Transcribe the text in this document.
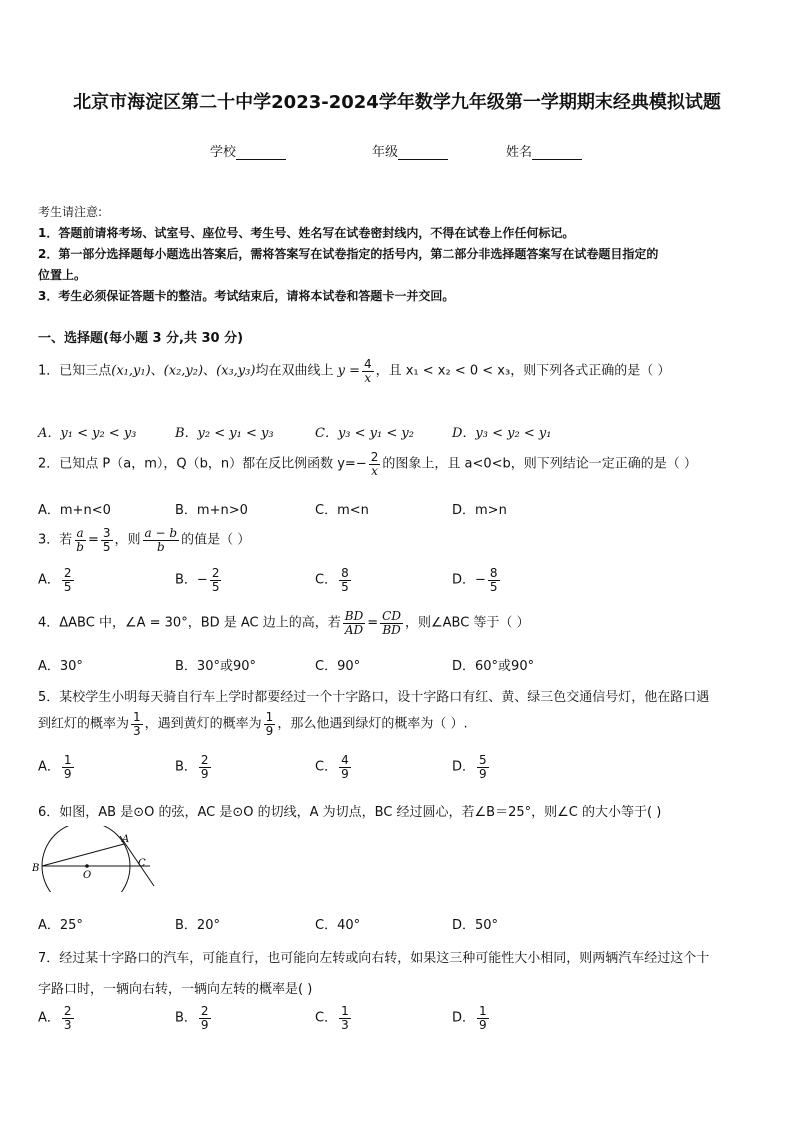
北京市海淀区第二十中学2023-2024学年数学九年级第一学期期末经典模拟试题
学校	年级	姓名
考生请注意:
1．答题前请将考场、试室号、座位号、考生号、姓名写在试卷密封线内，不得在试卷上作任何标记。
2．第一部分选择题每小题选出答案后，需将答案写在试卷指定的括号内，第二部分非选择题答案写在试卷题目指定的
位置上。
3．考生必须保证答题卡的整洁。考试结束后，请将本试卷和答题卡一并交回。
一、选择题(每小题 3 分,共 30 分)
1．已知三点(x₁,y₁)、(x₂,y₂)、(x₃,y₃)均在双曲线上 $y = \frac{4}{x}$ ，且 x₁ < x₂ < 0 < x₃，则下列各式正确的是（ ）
A．y₁ < y₂ < y₃	B．y₂ < y₁ < y₃	C．y₃ < y₁ < y₂	D．y₃ < y₂ < y₁
2．已知点 P（a，m），Q（b，n）都在反比例函数 $y=- \frac{2}{x}$ 的图象上，且 a<0<b，则下列结论一定正确的是（ ）
A．m+n<0	B．m+n>0	C．m<n	D．m>n
3．若 $\frac{a}{b} = \frac{3}{5}$ ，则 $\frac{a - b}{b}$ 的值是（ ）
A． $\frac{2}{5}$	B．− $\frac{2}{5}$	C． $\frac{8}{5}$	D．− $\frac{8}{5}$
4．ΔABC 中，∠A = 30°，BD 是 AC 边上的高，若 $\frac{BD}{AD} = \frac{CD}{BD}$ ，则∠ABC 等于（ ）
A．30°	B．30°或90°	C．90°	D．60°或90°
5．某校学生小明每天骑自行车上学时都要经过一个十字路口，设十字路口有红、黄、绿三色交通信号灯，他在路口遇
到红灯的概率为 $\frac{1}{3}$ ，遇到黄灯的概率为 $\frac{1}{9}$ ，那么他遇到绿灯的概率为（ ）.
A． $\frac{1}{9}$	B． $\frac{2}{9}$	C． $\frac{4}{9}$	D． $\frac{5}{9}$
6．如图，AB 是⊙O 的弦，AC 是⊙O 的切线，A 为切点，BC 经过圆心，若∠B＝25°，则∠C 的大小等于( )
B
A
C
O
A．25°	B．20°	C．40°	D．50°
7．经过某十字路口的汽车，可能直行，也可能向左转或向右转，如果这三种可能性大小相同，则两辆汽车经过这个十
字路口时，一辆向右转，一辆向左转的概率是( )
A． $\frac{2}{3}$	B． $\frac{2}{9}$	C． $\frac{1}{3}$	D． $\frac{1}{9}$
